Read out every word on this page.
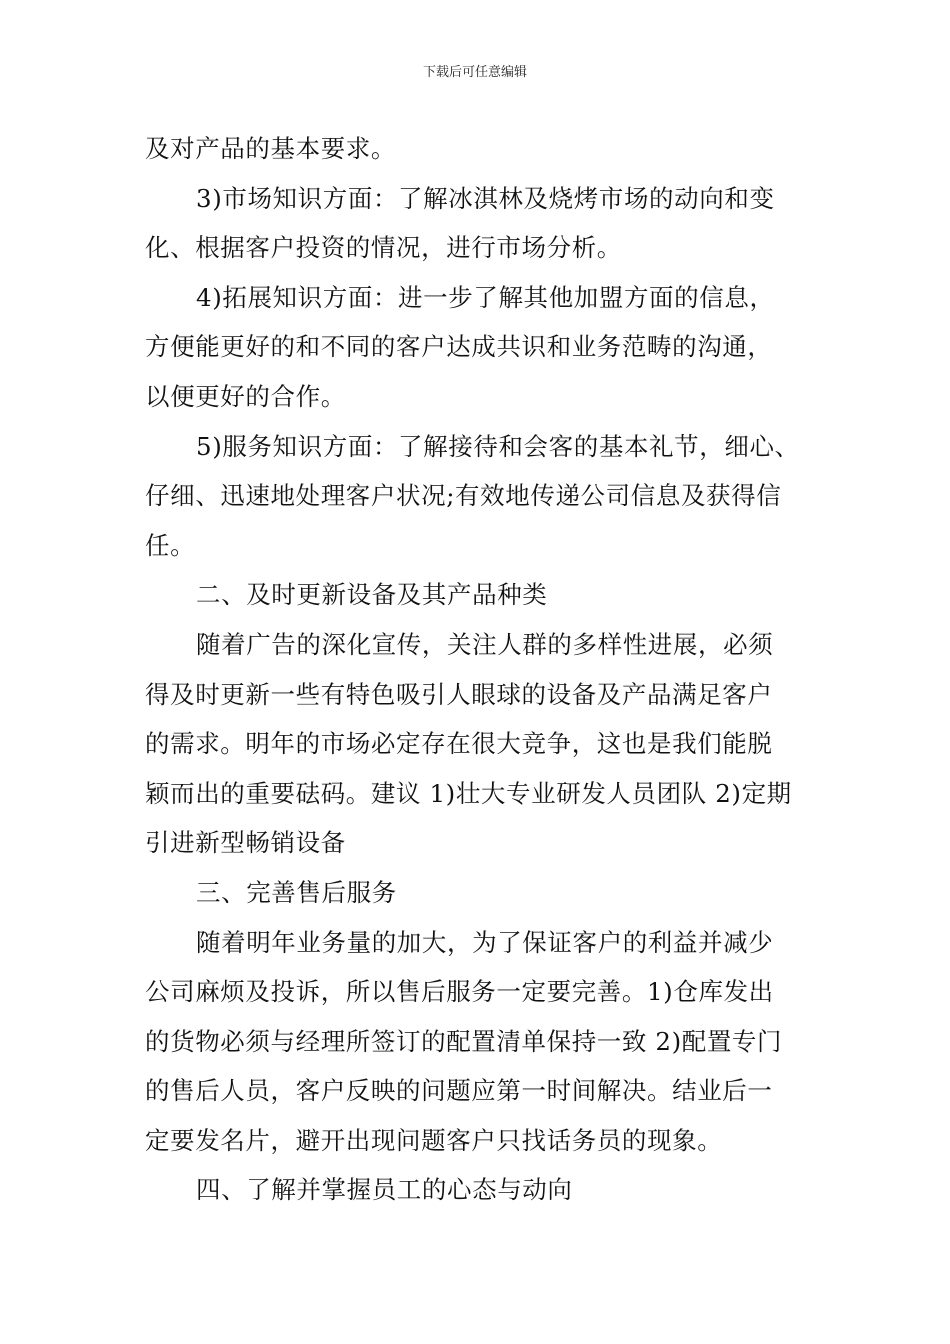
下载后可任意编辑

及对产品的基本要求。

3)市场知识方面：了解冰淇林及烧烤市场的动向和变

化、根据客户投资的情况，进行市场分析。

4)拓展知识方面：进一步了解其他加盟方面的信息，

方便能更好的和不同的客户达成共识和业务范畴的沟通，

以便更好的合作。

5)服务知识方面：了解接待和会客的基本礼节，细心、

仔细、迅速地处理客户状况;有效地传递公司信息及获得信

任。

二、及时更新设备及其产品种类

随着广告的深化宣传，关注人群的多样性进展，必须

得及时更新一些有特色吸引人眼球的设备及产品满足客户

的需求。明年的市场必定存在很大竞争，这也是我们能脱

颖而出的重要砝码。建议 1)壮大专业研发人员团队 2)定期

引进新型畅销设备

三、完善售后服务

随着明年业务量的加大，为了保证客户的利益并减少

公司麻烦及投诉，所以售后服务一定要完善。1)仓库发出

的货物必须与经理所签订的配置清单保持一致 2)配置专门

的售后人员，客户反映的问题应第一时间解决。结业后一

定要发名片，避开出现问题客户只找话务员的现象。

四、了解并掌握员工的心态与动向
